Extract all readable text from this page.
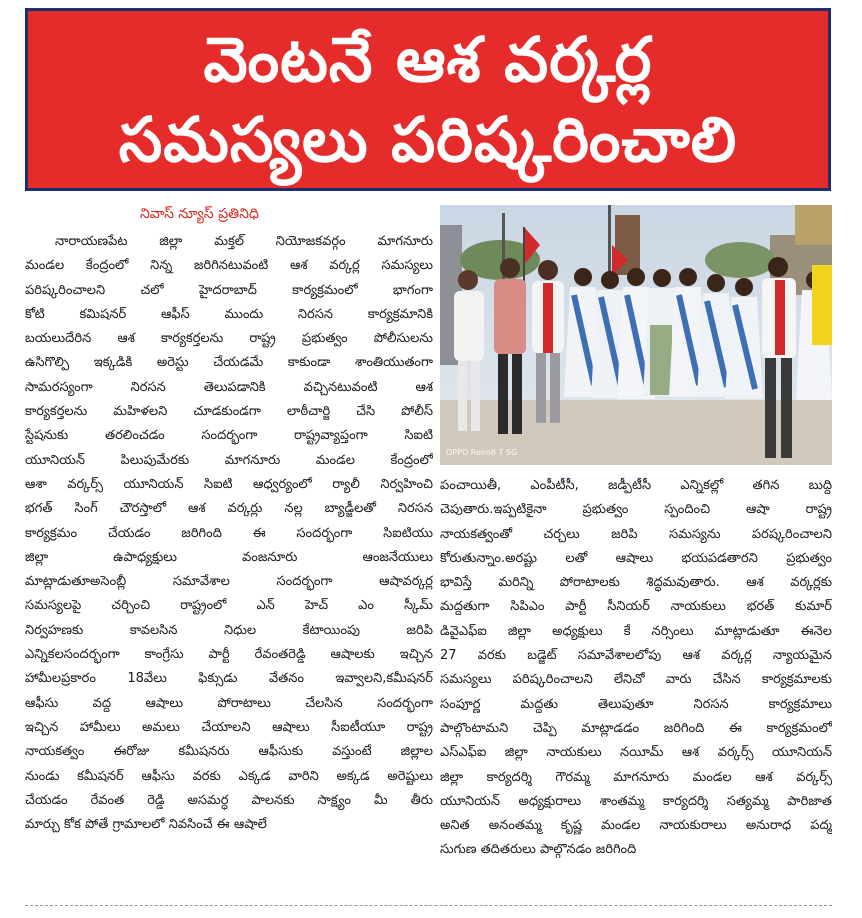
వెంటనే ఆశ వర్కర్ల
సమస్యలు పరిష్కరించాలి
నివాస్ న్యూస్ ప్రతినిధి
నారాయణపేట జిల్లా మక్తల్ నియోజకవర్గం మాగనూరు
మండల కేంద్రంలో నిన్న జరిగినటువంటి ఆశ వర్కర్ల సమస్యలు
పరిష్కరించాలని చలో హైదరాబాద్ కార్యక్రమంలో భాగంగా
కోటి కమిషనర్ ఆఫీస్ ముందు నిరసన కార్యక్రమానికి
బయలుదేరిన ఆశ కార్యకర్తలను రాష్ట్ర ప్రభుత్వం పోలీసులను
ఉసిగొల్పి ఇక్కడికి అరెస్టు చేయడమే కాకుండా శాంతియుతంగా
సామరస్యంగా నిరసన తెలుపడానికి వచ్చినటువంటి ఆశ
కార్యకర్తలను మహిళలని చూడకుండగా లాఠీచార్జి చేసి పోలీస్
స్టేషనుకు తరలించడం సందర్భంగా రాష్ట్రవ్యాప్తంగా సిఐటి
యూనియన్ పిలుపుమేరకు మాగనూరు మండల కేంద్రంలో
ఆశా వర్కర్స్ యూనియన్ సిఐటి ఆధ్వర్యంలో ర్యాలీ నిర్వహించి
భగత్ సింగ్ చౌరస్తాలో ఆశ వర్కర్లు నల్ల బ్యాడ్జీలతో నిరసన
కార్యక్రమం చేయడం జరిగింది ఈ సందర్భంగా సిఐటియు
జిల్లా ఉపాధ్యక్షులు వంజనూరు ఆంజనేయులు
మాట్లాడుతూఅసెంబ్లీ సమావేశాల సందర్భంగా ఆషావర్కర్ల
సమస్యలపై చర్చించి రాష్ట్రంలో ఎన్ హెచ్ ఎం స్కీమ్
నిర్వహణకు కావలసిన నిధుల కేటాయింపు జరిపి
ఎన్నికలసందర్భంగా కాంగ్రేసు పార్టీ రేవంతరెడ్డి ఆషాలకు ఇచ్చిన
హామీలప్రకారం 18వేలు ఫిక్సుడు వేతనం ఇవ్వాలని,కమీషనర్
ఆఫీసు వద్ద ఆషాలు పోరాటాలు చేలసిన సందర్భంగా
ఇచ్చిన హామీలు అమలు చేయాలని ఆషాలు సీఐటీయూ రాష్ట్ర
నాయకత్వం ఈరోజు కమీషనరు ఆఫీసుకు వస్తుంటే జిల్లాల
నుండు కమీషనర్ ఆఫీసు వరకు ఎక్కడ వారిని అక్కడ అరెష్టులు
చేయడం రేవంత రెడ్డి అసమర్ధ పాలనకు సాక్ష్యం మీ తీరు
మార్చు కోక పోతే గ్రామాలలో నివసించే ఈ ఆషాలే
OPPO Reno8 T 5G
పంచాయితీ, ఎంపీటీసీ, జడ్పీటీసీ ఎన్నికల్లో తగిన బుద్ది
చెపుతారు.ఇప్పటికైనా ప్రభుత్వం స్పందించి ఆషా రాష్ట్ర
నాయకత్వంతో చర్చలు జరిపి సమస్యను పరష్కరించాలని
కోరుతున్నాం.అరష్టు లతో ఆషాలు భయపడతారని ప్రభుత్వం
భావిస్తే మరిన్ని పోరాటాలకు శిద్ధమవుతారు. ఆశ వర్కర్లకు
మద్దతుగా సిపిఎం పార్టీ సీనియర్ నాయకులు భరత్ కుమార్
డివైఎఫ్ఐ జిల్లా అధ్యక్షులు కే నర్సింలు మాట్లాడుతూ ఈనెల
27 వరకు బడ్జెట్ సమావేశాలలోపు ఆశ వర్కర్ల న్యాయమైన
సమస్యలు పరిష్కరించాలని లేనిచో వారు చేసిన కార్యక్రమాలకు
సంపూర్ణ మద్దతు తెలుపుతూ నిరసన కార్యక్రమాలు
పాల్గొంటామని చెప్పి మాట్లాడడం జరిగింది ఈ కార్యక్రమంలో
ఎస్ఎఫ్ఐ జిల్లా నాయకులు నయీమ్ ఆశ వర్కర్స్ యూనియన్
జిల్లా కార్యదర్శి గౌరమ్మ మాగనూరు మండల ఆశ వర్కర్స్
యూనియన్ అధ్యక్షురాలు శాంతమ్మ కార్యదర్శి సత్యమ్మ పారిజాత
అనిత అనంతమ్మ కృష్ణ మండల నాయకురాలు అనురాధ పద్మ
సుగుణ తదితరులు పాల్గొనడం జరిగింది
